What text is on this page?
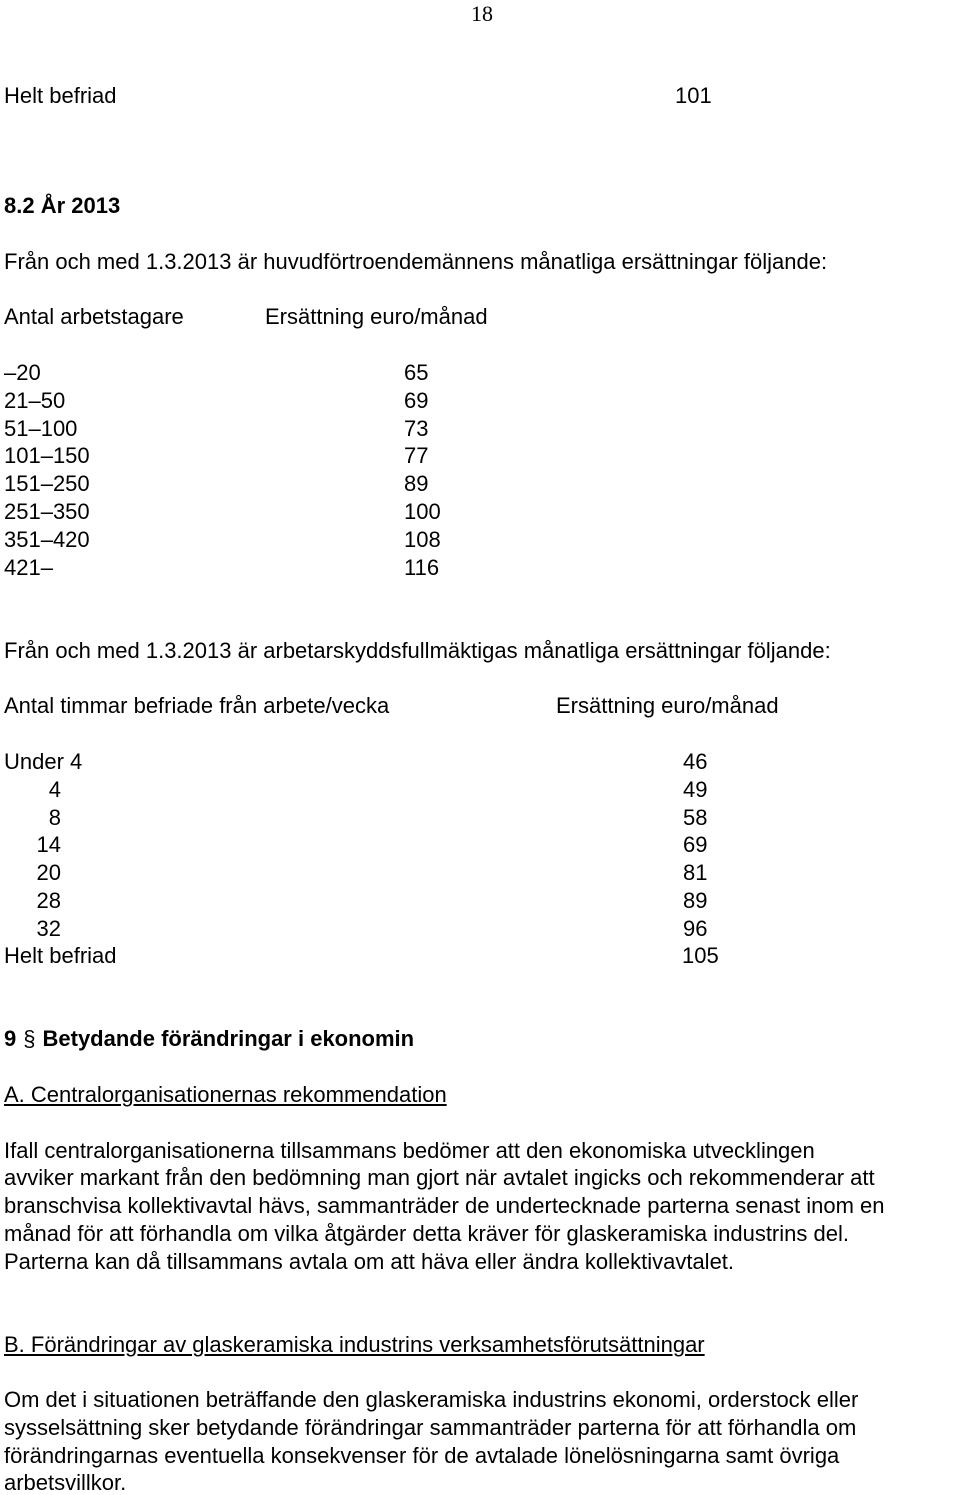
18
Helt befriad	101
8.2 År 2013
Från och med 1.3.2013 är huvudförtroendemännens månatliga ersättningar följande:
Antal arbetstagare	Ersättning euro/månad
–20	65
21–50	69
51–100	73
101–150	77
151–250	89
251–350	100
351–420	108
421–	116
Från och med 1.3.2013 är arbetarskyddsfullmäktigas månatliga ersättningar följande:
Antal timmar befriade från arbete/vecka	Ersättning euro/månad
Under 4	46
4	49
8	58
14	69
20	81
28	89
32	96
Helt befriad	105
9 § Betydande förändringar i ekonomin
A. Centralorganisationernas rekommendation
Ifall centralorganisationerna tillsammans bedömer att den ekonomiska utvecklingen
avviker markant från den bedömning man gjort när avtalet ingicks och rekommenderar att
branschvisa kollektivavtal hävs, sammanträder de undertecknade parterna senast inom en
månad för att förhandla om vilka åtgärder detta kräver för glaskeramiska industrins del.
Parterna kan då tillsammans avtala om att häva eller ändra kollektivavtalet.
B. Förändringar av glaskeramiska industrins verksamhetsförutsättningar
Om det i situationen beträffande den glaskeramiska industrins ekonomi, orderstock eller
sysselsättning sker betydande förändringar sammanträder parterna för att förhandla om
förändringarnas eventuella konsekvenser för de avtalade lönelösningarna samt övriga
arbetsvillkor.
